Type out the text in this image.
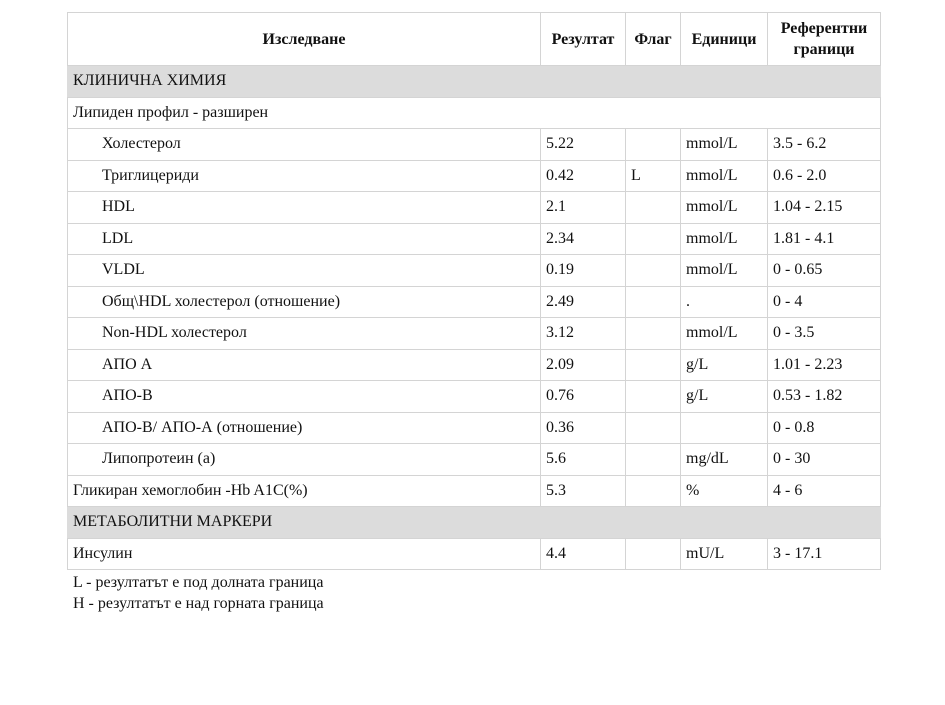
Изследване	Резултат	Флаг	Единици	Референтни граници
КЛИНИЧНА ХИМИЯ				
Липиден профил - разширен				
Холестерол	5.22		mmol/L	3.5 - 6.2
Триглицериди	0.42	L	mmol/L	0.6 - 2.0
HDL	2.1		mmol/L	1.04 - 2.15
LDL	2.34		mmol/L	1.81 - 4.1
VLDL	0.19		mmol/L	0 - 0.65
Общ\HDL холестерол (отношение)	2.49		.	0 - 4
Non-HDL холестерол	3.12		mmol/L	0 - 3.5
АПО А	2.09		g/L	1.01 - 2.23
АПО-В	0.76		g/L	0.53 - 1.82
АПО-В/ АПО-А (отношение)	0.36			0 - 0.8
Липопротеин (а)	5.6		mg/dL	0 - 30
Гликиран хемоглобин -Hb A1C(%)	5.3		%	4 - 6
МЕТАБОЛИТНИ МАРКЕРИ				
Инсулин	4.4		mU/L	3 - 17.1
L - резултатът е под долната граница
H - резултатът е над горната граница
